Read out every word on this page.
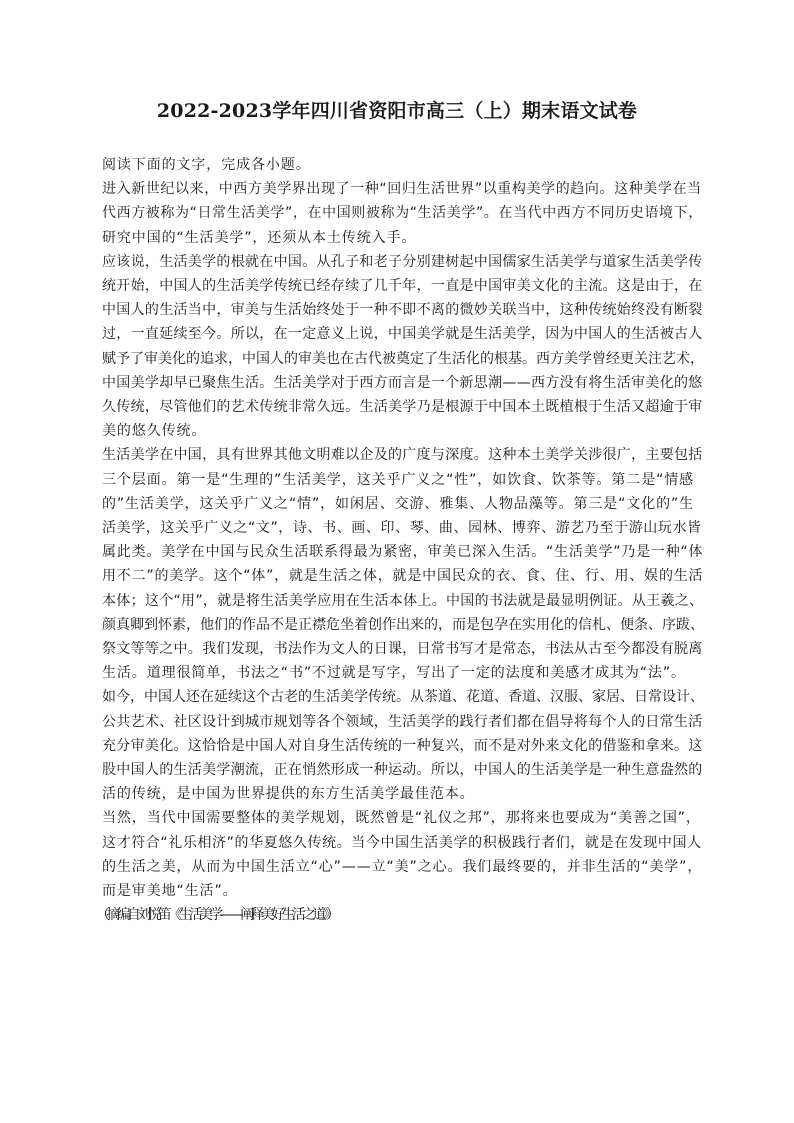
2022-2023学年四川省资阳市高三（上）期末语文试卷
阅读下面的文字，完成各小题。
进入新世纪以来，中西方美学界出现了一种“回归生活世界”以重构美学的趋向。这种美学在当
代西方被称为“日常生活美学”，在中国则被称为“生活美学”。在当代中西方不同历史语境下，
研究中国的“生活美学”，还须从本土传统入手。
应该说，生活美学的根就在中国。从孔子和老子分别建树起中国儒家生活美学与道家生活美学传
统开始，中国人的生活美学传统已经存续了几千年，一直是中国审美文化的主流。这是由于，在
中国人的生活当中，审美与生活始终处于一种不即不离的微妙关联当中，这种传统始终没有断裂
过，一直延续至今。所以，在一定意义上说，中国美学就是生活美学，因为中国人的生活被古人
赋予了审美化的追求，中国人的审美也在古代被奠定了生活化的根基。西方美学曾经更关注艺术，
中国美学却早已聚焦生活。生活美学对于西方而言是一个新思潮——西方没有将生活审美化的悠
久传统，尽管他们的艺术传统非常久远。生活美学乃是根源于中国本土既植根于生活又超逾于审
美的悠久传统。
生活美学在中国，具有世界其他文明难以企及的广度与深度。这种本土美学关涉很广，主要包括
三个层面。第一是“生理的”生活美学，这关乎广义之“性”，如饮食、饮茶等。第二是“情感
的”生活美学，这关乎广义之“情”，如闲居、交游、雅集、人物品藻等。第三是“文化的”生
活美学，这关乎广义之“文”，诗、书、画、印、琴、曲、园林、博弈、游艺乃至于游山玩水皆
属此类。美学在中国与民众生活联系得最为紧密，审美已深入生活。“生活美学”乃是一种“体
用不二”的美学。这个“体”，就是生活之体，就是中国民众的衣、食、住、行、用、娱的生活
本体；这个“用”，就是将生活美学应用在生活本体上。中国的书法就是最显明例证。从王羲之、
颜真卿到怀素，他们的作品不是正襟危坐着创作出来的，而是包孕在实用化的信札、便条、序跋、
祭文等等之中。我们发现，书法作为文人的日课，日常书写才是常态，书法从古至今都没有脱离
生活。道理很简单，书法之“书”不过就是写字，写出了一定的法度和美感才成其为“法”。
如今，中国人还在延续这个古老的生活美学传统。从茶道、花道、香道、汉服、家居、日常设计、
公共艺术、社区设计到城市规划等各个领域，生活美学的践行者们都在倡导将每个人的日常生活
充分审美化。这恰恰是中国人对自身生活传统的一种复兴，而不是对外来文化的借鉴和拿来。这
股中国人的生活美学潮流，正在悄然形成一种运动。所以，中国人的生活美学是一种生意盎然的
活的传统，是中国为世界提供的东方生活美学最佳范本。
当然，当代中国需要整体的美学规划，既然曾是“礼仪之邦”，那将来也要成为“美善之国”，
这才符合“礼乐相济”的华夏悠久传统。当今中国生活美学的积极践行者们，就是在发现中国人
的生活之美，从而为中国生活立“心”——立“美”之心。我们最终要的，并非生活的“美学”，
而是审美地“生活”。
（摘编自刘悦笛《生活美学——阐释美好生活之道》）
